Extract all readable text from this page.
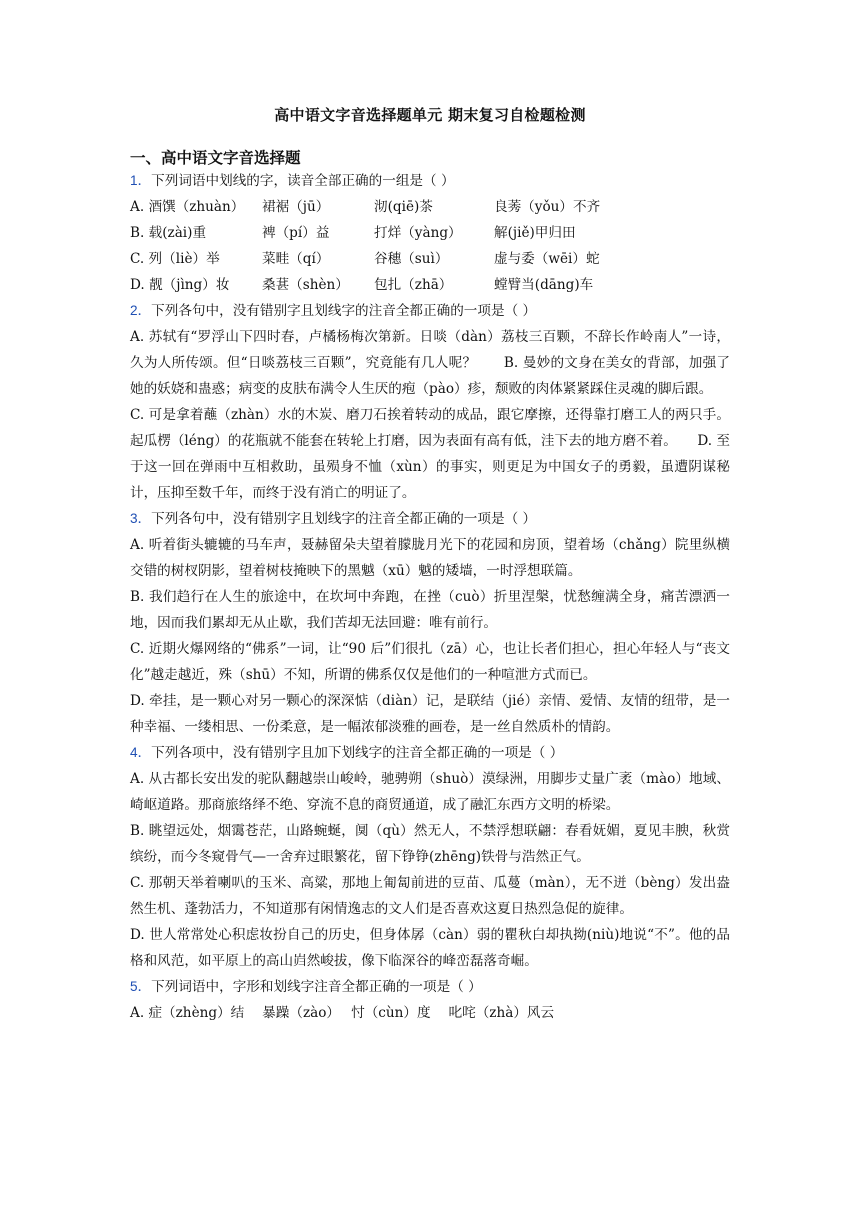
高中语文字音选择题单元 期末复习自检题检测
一、高中语文字音选择题
1．下列词语中划线的字，读音全部正确的一组是（ ）
A. 酒馔（zhuàn） 裙裾（jū）	沏(qiē)茶	良莠（yǒu）不齐
B. 载(zài)重	裨（pí）益	打烊（yàng） 解(jiě)甲归田
C. 列（liè）举	菜畦（qí）	谷穗（suì）	虚与委（wēi）蛇
D. 靓（jìng）妆 桑葚（shèn） 包扎（zhā）	螳臂当(dāng)车
2．下列各句中，没有错别字且划线字的注音全都正确的一项是（ ）
A. 苏轼有“罗浮山下四时春，卢橘杨梅次第新。日啖（dàn）荔枝三百颗，不辞长作岭南人”一诗，久为人所传颂。但“日啖荔枝三百颗”，究竟能有几人呢？　　B. 曼妙的文身在美女的背部，加强了她的妖娆和蛊惑；病变的皮肤布满令人生厌的疱（pào）疹，颓败的肉体紧紧踩住灵魂的脚后跟。
C. 可是拿着蘸（zhàn）水的木炭、磨刀石挨着转动的成品，跟它摩擦，还得靠打磨工人的两只手。起瓜楞（léng）的花瓶就不能套在转轮上打磨，因为表面有高有低，洼下去的地方磨不着。　　D. 至于这一回在弹雨中互相救助，虽殒身不恤（xùn）的事实，则更足为中国女子的勇毅，虽遭阴谋秘计，压抑至数千年，而终于没有消亡的明证了。
3．下列各句中，没有错别字且划线字的注音全都正确的一项是（ ）
A. 听着街头辘辘的马车声，聂赫留朵夫望着朦胧月光下的花园和房顶，望着场（chǎng）院里纵横交错的树杈阴影，望着树枝掩映下的黑魆（xū）魆的矮墙，一时浮想联篇。
B. 我们趋行在人生的旅途中，在坎坷中奔跑，在挫（cuò）折里涅槃，忧愁缠满全身，痛苦漂洒一地，因而我们累却无从止歇，我们苦却无法回避：唯有前行。
C. 近期火爆网络的“佛系”一词，让“90 后”们很扎（zā）心，也让长者们担心，担心年轻人与“丧文化”越走越近，殊（shū）不知，所谓的佛系仅仅是他们的一种喧泄方式而已。
D. 牵挂，是一颗心对另一颗心的深深惦（diàn）记，是联结（jié）亲情、爱情、友情的纽带，是一种幸福、一缕相思、一份柔意，是一幅浓郁淡雅的画卷，是一丝自然质朴的情韵。
4．下列各项中，没有错别字且加下划线字的注音全都正确的一项是（ ）
A. 从古都长安出发的驼队翻越崇山峻岭，驰骋朔（shuò）漠绿洲，用脚步丈量广袤（mào）地域、崎岖道路。那商旅络绎不绝、穿流不息的商贸通道，成了融汇东西方文明的桥梁。
B. 眺望远处，烟霭苍茫，山路蜿蜒，阒（qù）然无人，不禁浮想联翩：春看妩媚，夏见丰腴，秋赏缤纷，而今冬窥骨气—一舍弃过眼繁花，留下铮铮(zhēng)铁骨与浩然正气。
C. 那朝天举着喇叭的玉米、高粱，那地上匍匐前进的豆苗、瓜蔓（màn），无不迸（bèng）发出盎然生机、蓬勃活力，不知道那有闲情逸志的文人们是否喜欢这夏日热烈急促的旋律。
D. 世人常常处心积虑妆扮自己的历史，但身体孱（càn）弱的瞿秋白却执拗(niù)地说“不”。他的品格和风范，如平原上的高山岿然峻拔，像下临深谷的峰峦磊落奇崛。
5．下列词语中，字形和划线字注音全都正确的一项是（ ）
A. 症（zhèng）结　 暴躁（zào）　 忖（cùn）度　 叱咤（zhà）风云
